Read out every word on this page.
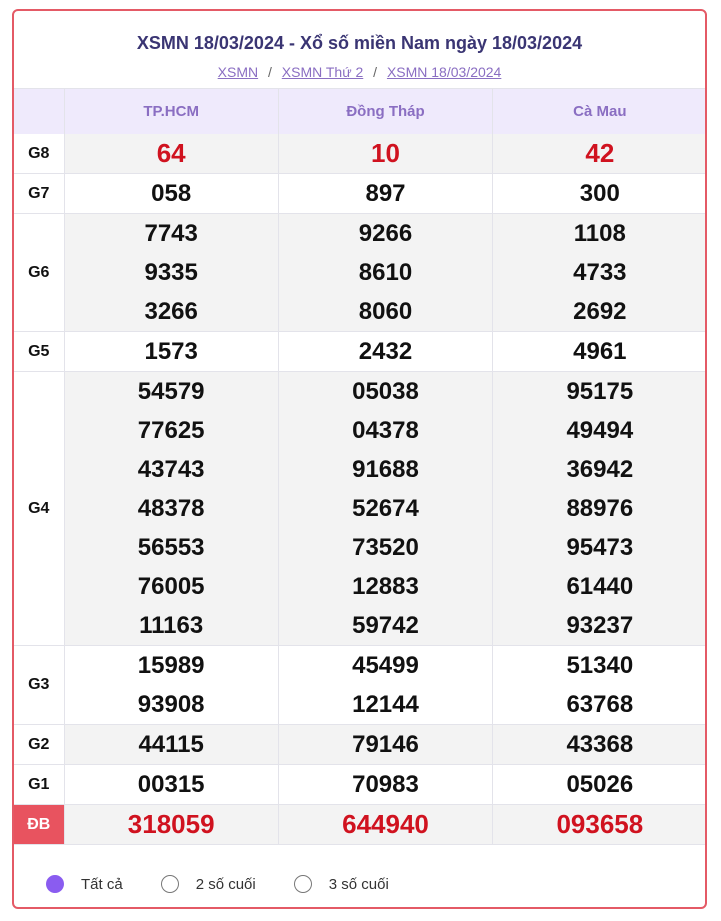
XSMN 18/03/2024 - Xổ số miền Nam ngày 18/03/2024
XSMN / XSMN Thứ 2 / XSMN 18/03/2024
	TP.HCM	Đồng Tháp	Cà Mau
G8	64	10	42

G7	058	897	300

G6	7743	9266	1108

	9335	8610	4733

	3266	8060	2692

G5	1573	2432	4961

G4	54579	05038	95175

	77625	04378	49494

	43743	91688	36942

	48378	52674	88976

	56553	73520	95473

	76005	12883	61440

	11163	59742	93237

G3	15989	45499	51340

	93908	12144	63768

G2	44115	79146	43368

G1	00315	70983	05026

ĐB	318059	644940	093658
Tất cả	2 số cuối	3 số cuối
